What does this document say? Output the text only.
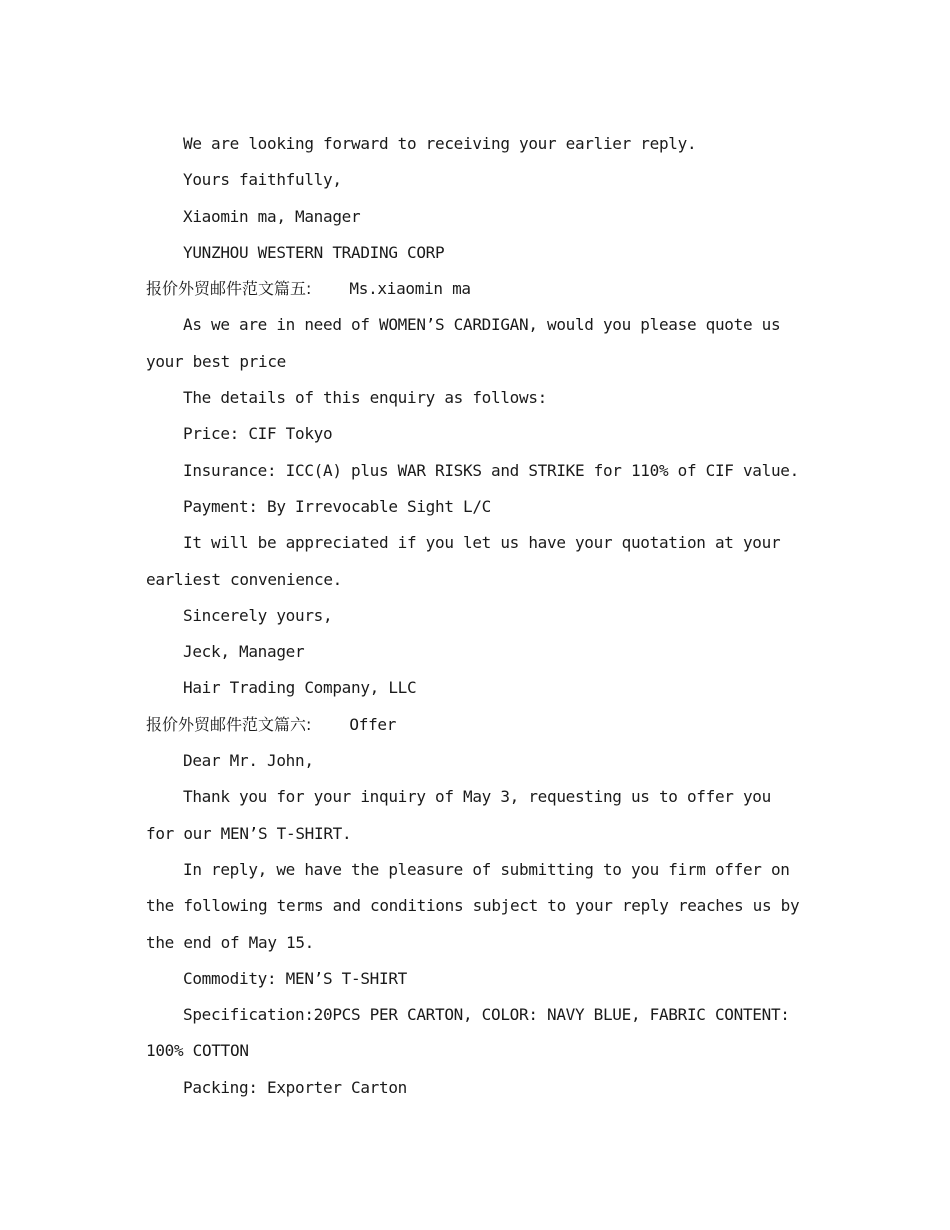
We are looking forward to receiving your earlier reply.

Yours faithfully,

Xiaomin ma, Manager

YUNZHOU WESTERN TRADING CORP

报价外贸邮件范文篇五: Ms.xiaomin ma

As we are in need of WOMEN’S CARDIGAN, would you please quote us your best price

The details of this enquiry as follows:

Price: CIF Tokyo

Insurance: ICC(A) plus WAR RISKS and STRIKE for 110% of CIF value.

Payment: By Irrevocable Sight L/C

It will be appreciated if you let us have your quotation at your earliest convenience.

Sincerely yours,

Jeck, Manager

Hair Trading Company, LLC

报价外贸邮件范文篇六: Offer

Dear Mr. John,

Thank you for your inquiry of May 3, requesting us to offer you for our MEN’S T-SHIRT.

In reply, we have the pleasure of submitting to you firm offer on the following terms and conditions subject to your reply reaches us by the end of May 15.

Commodity: MEN’S T-SHIRT

Specification:20PCS PER CARTON, COLOR: NAVY BLUE, FABRIC CONTENT: 100% COTTON

Packing: Exporter Carton
